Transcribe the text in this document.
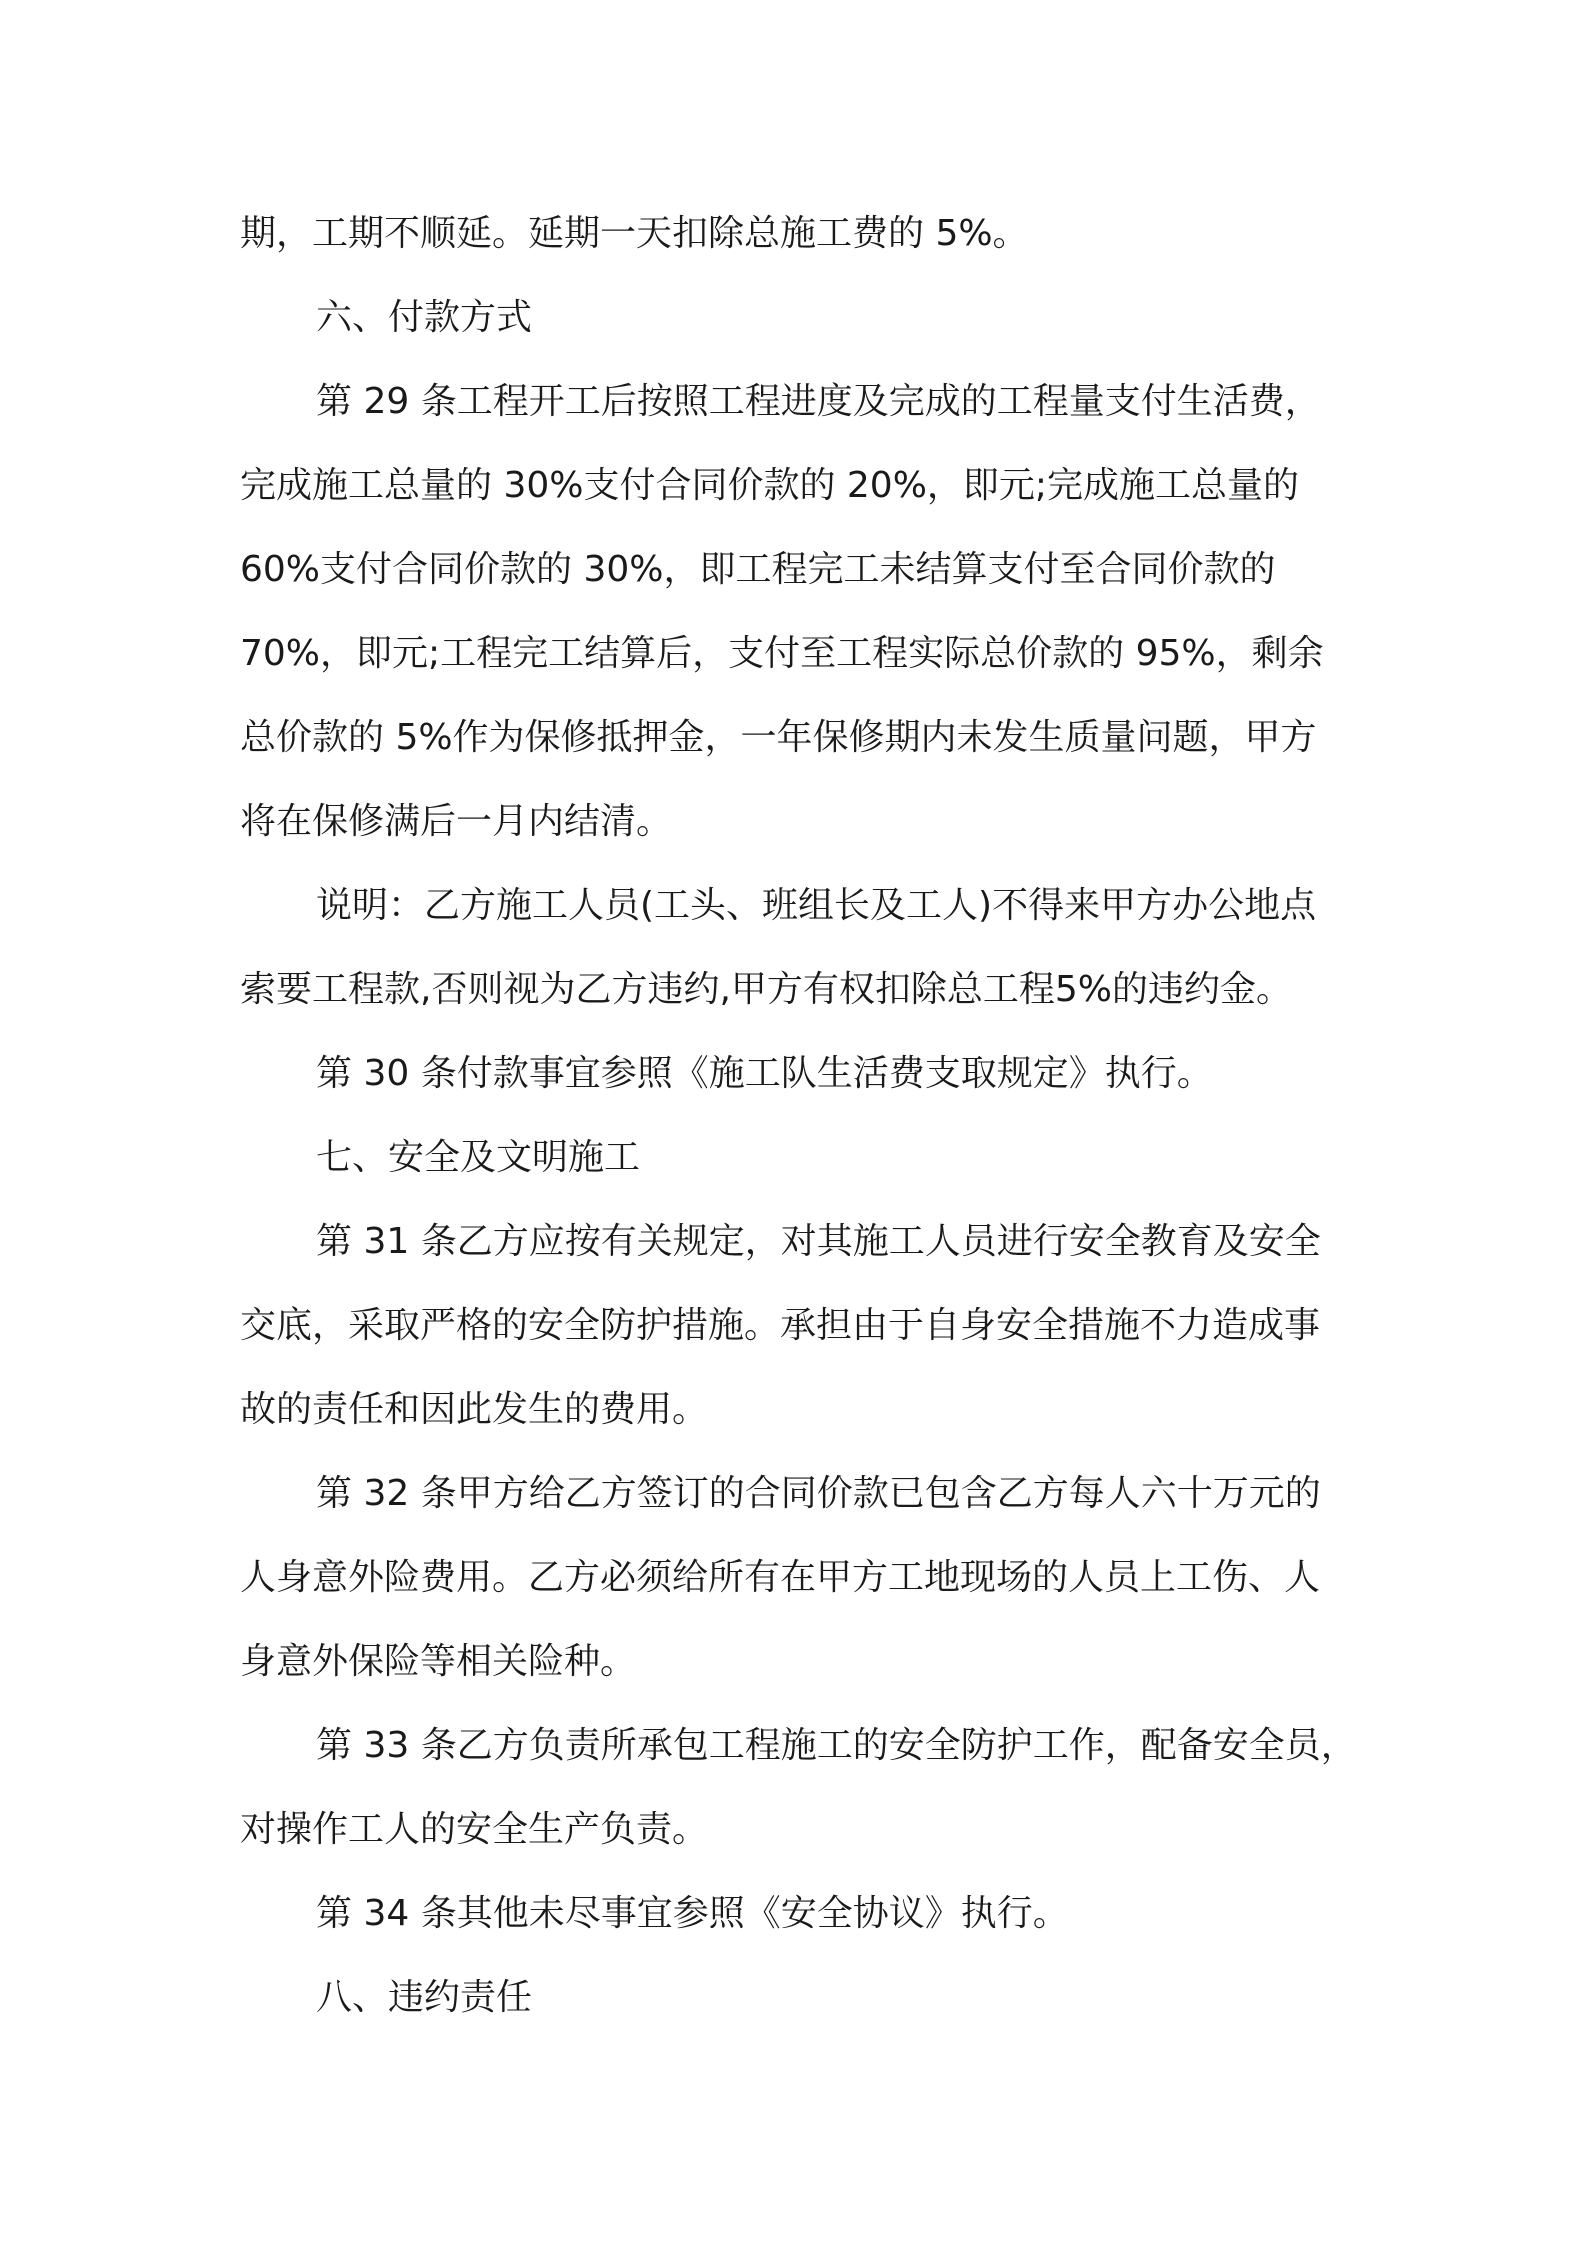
期，工期不顺延。延期一天扣除总施工费的 5%。
六、付款方式
第 29 条工程开工后按照工程进度及完成的工程量支付生活费，
完成施工总量的 30%支付合同价款的 20%，即元;完成施工总量的
60%支付合同价款的 30%，即工程完工未结算支付至合同价款的
70%，即元;工程完工结算后，支付至工程实际总价款的 95%，剩余
总价款的 5%作为保修抵押金，一年保修期内未发生质量问题，甲方
将在保修满后一月内结清。
说明：乙方施工人员(工头、班组长及工人)不得来甲方办公地点
索要工程款,否则视为乙方违约,甲方有权扣除总工程5%的违约金。
第 30 条付款事宜参照《施工队生活费支取规定》执行。
七、安全及文明施工
第 31 条乙方应按有关规定，对其施工人员进行安全教育及安全
交底，采取严格的安全防护措施。承担由于自身安全措施不力造成事
故的责任和因此发生的费用。
第 32 条甲方给乙方签订的合同价款已包含乙方每人六十万元的
人身意外险费用。乙方必须给所有在甲方工地现场的人员上工伤、人
身意外保险等相关险种。
第 33 条乙方负责所承包工程施工的安全防护工作，配备安全员，
对操作工人的安全生产负责。
第 34 条其他未尽事宜参照《安全协议》执行。
八、违约责任
